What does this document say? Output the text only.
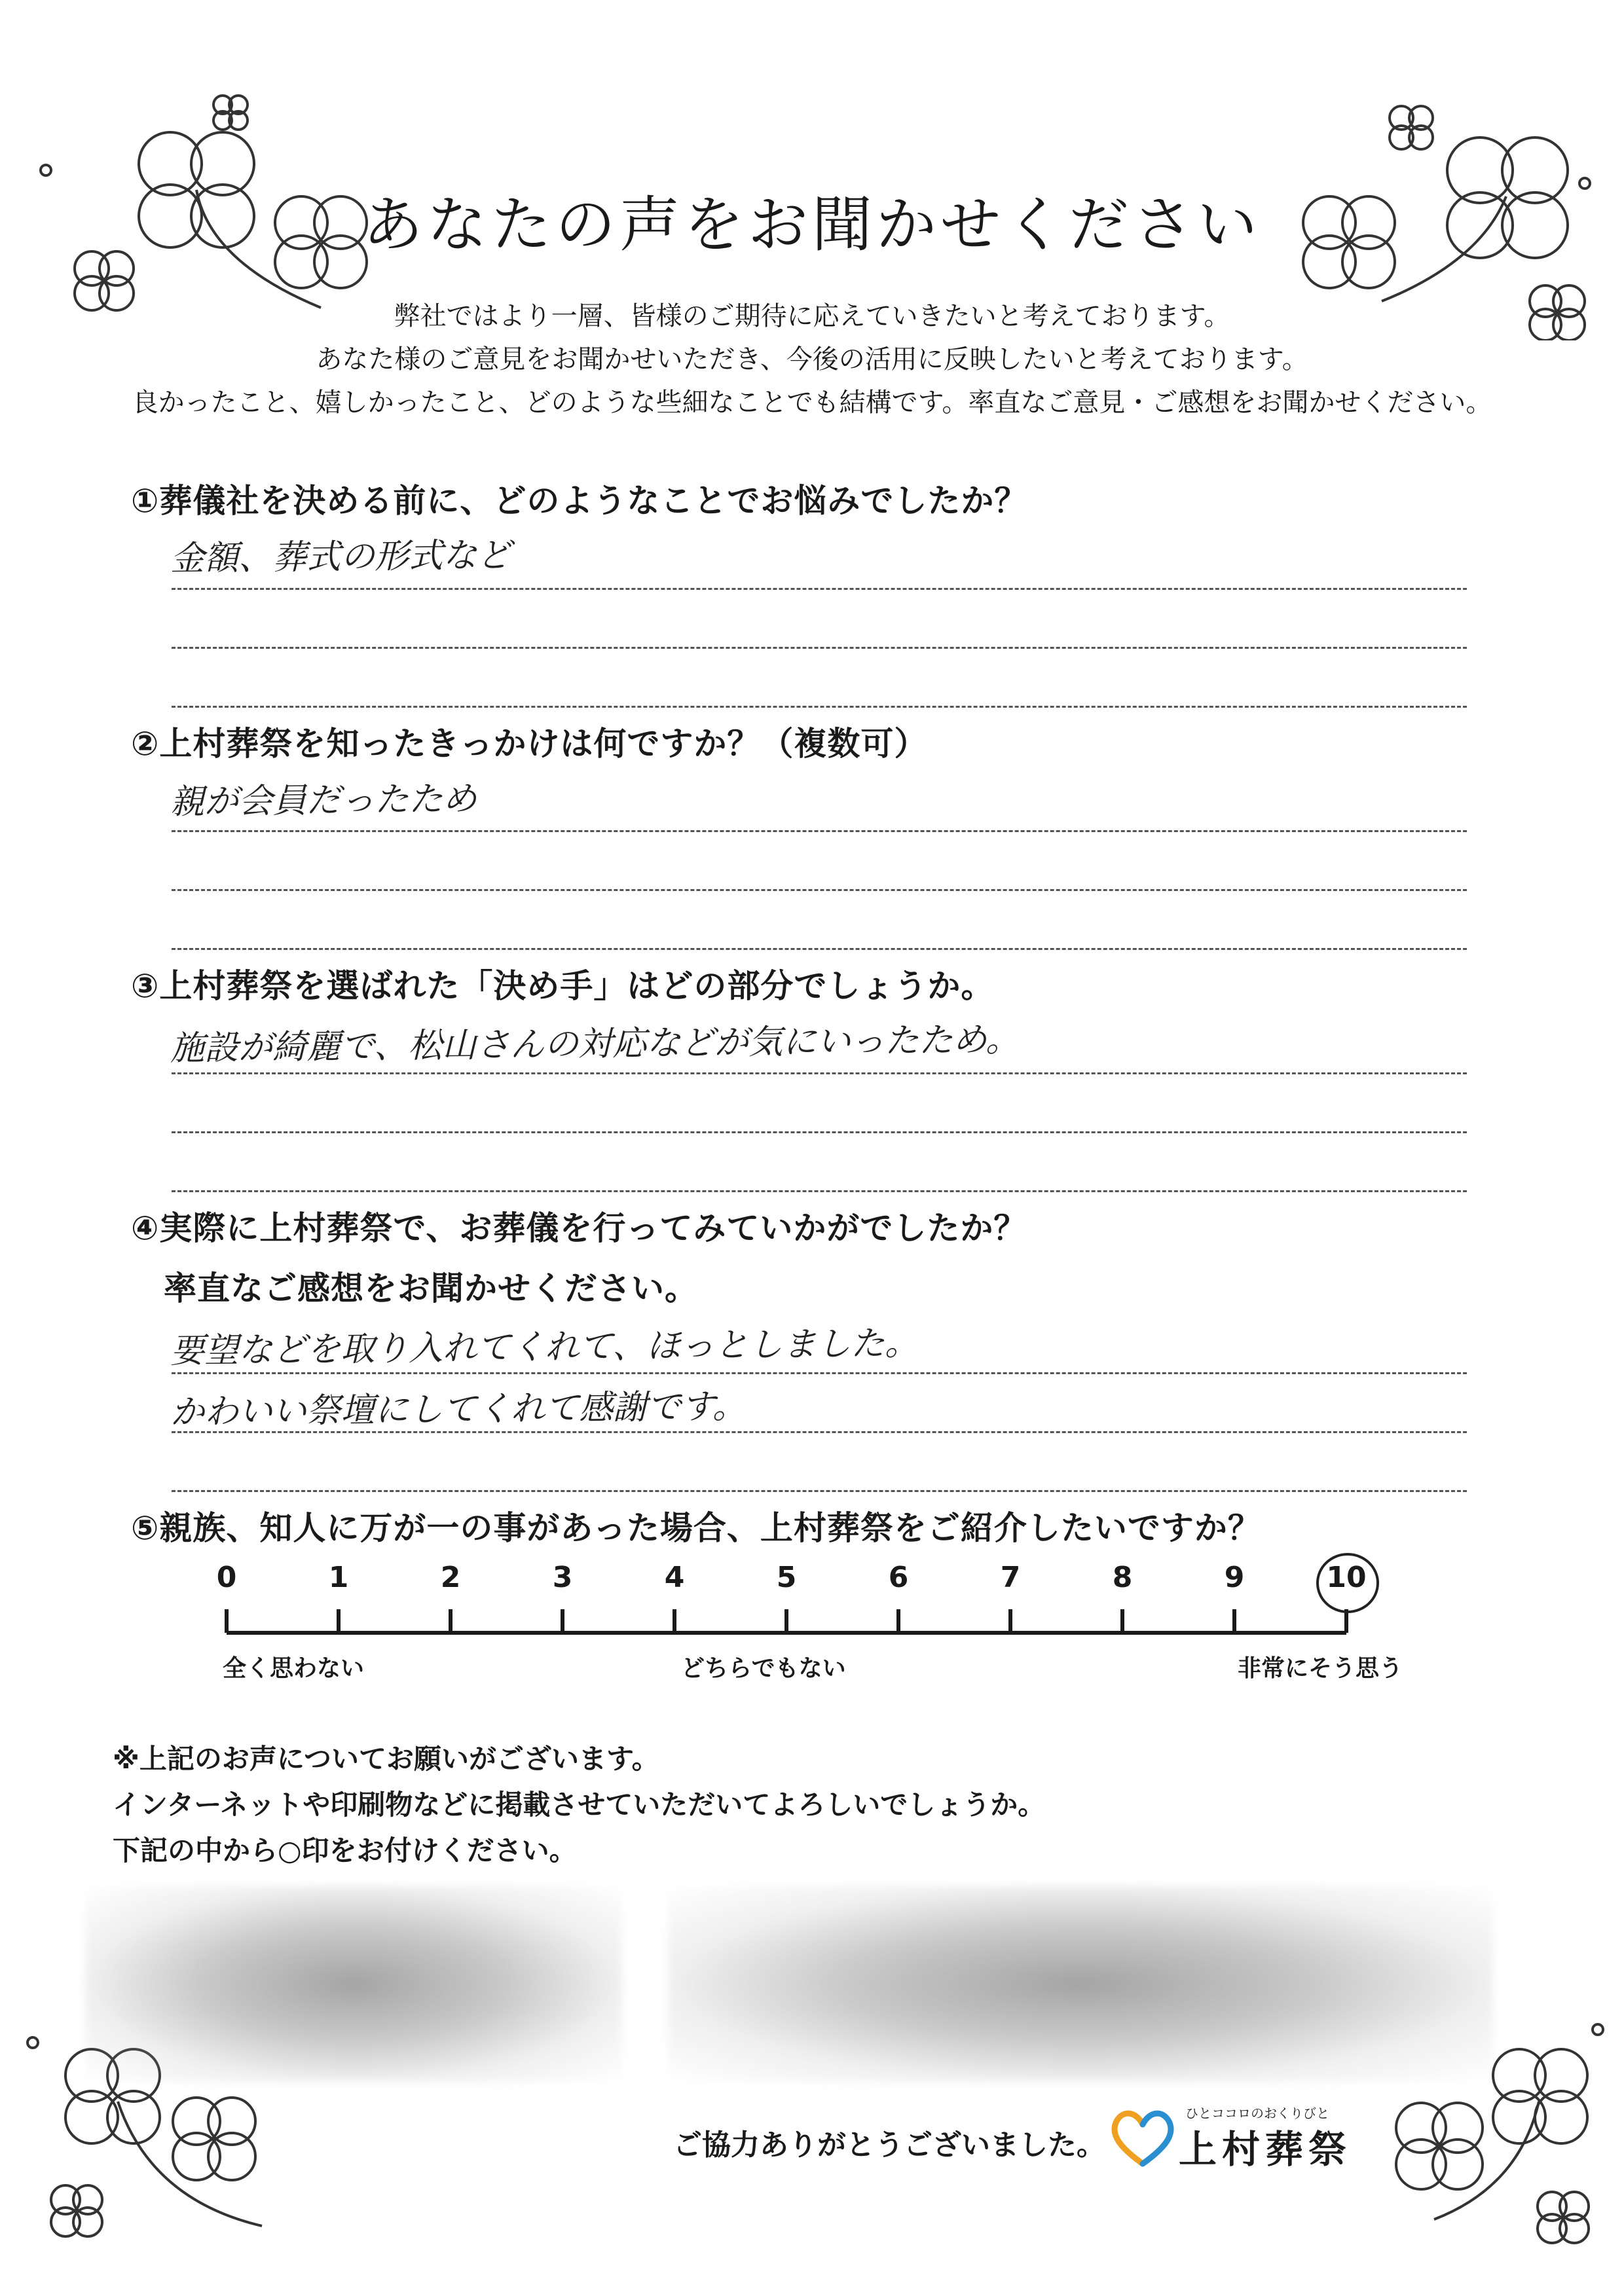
あなたの声をお聞かせください
弊社ではより一層、皆様のご期待に応えていきたいと考えております。
あなた様のご意見をお聞かせいただき、今後の活用に反映したいと考えております。
良かったこと、嬉しかったこと、どのような些細なことでも結構です。率直なご意見・ご感想をお聞かせください。
①葬儀社を決める前に、どのようなことでお悩みでしたか？
金額、葬式の形式など
②上村葬祭を知ったきっかけは何ですか？（複数可）
親が会員だったため
③上村葬祭を選ばれた「決め手」はどの部分でしょうか。
施設が綺麗で、松山さんの対応などが気にいったため。
④実際に上村葬祭で、お葬儀を行ってみていかがでしたか？
率直なご感想をお聞かせください。
要望などを取り入れてくれて、ほっとしました。
かわいい祭壇にしてくれて感謝です。
⑤親族、知人に万が一の事があった場合、上村葬祭をご紹介したいですか？
0	1	2	3	4	5	6	7	8	9	10
全く思わない	どちらでもない	非常にそう思う
※上記のお声についてお願いがございます。
インターネットや印刷物などに掲載させていただいてよろしいでしょうか。
下記の中から○印をお付けください。
ご協力ありがとうございました。
ひとココロのおくりびと
上村葬祭
